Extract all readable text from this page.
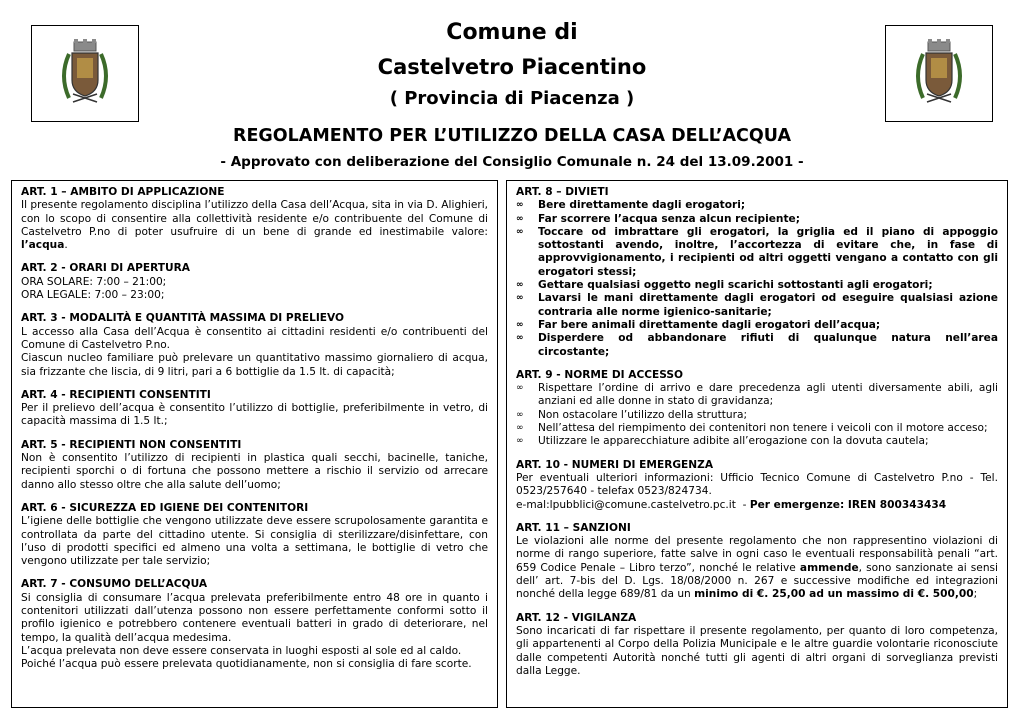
Comune di
Castelvetro Piacentino
( Provincia di Piacenza )
REGOLAMENTO PER L’UTILIZZO DELLA CASA DELL’ACQUA
- Approvato con deliberazione del Consiglio Comunale n. 24 del 13.09.2001 -
ART. 1 – AMBITO DI APPLICAZIONE

Il presente regolamento disciplina l’utilizzo della Casa dell’Acqua, sita in via D. Alighieri, con lo scopo di consentire alla collettività residente e/o contribuente del Comune di Castelvetro P.no di poter usufruire di un bene di grande ed inestimabile valore: l’acqua.

ART. 2 - ORARI DI APERTURA

ORA SOLARE: 7:00 – 21:00;

ORA LEGALE: 7:00 – 23:00;

ART. 3 - MODALITÀ E QUANTITÀ MASSIMA DI PRELIEVO

L accesso alla Casa dell’Acqua è consentito ai cittadini residenti e/o contribuenti del Comune di Castelvetro P.no.

Ciascun nucleo familiare può prelevare un quantitativo massimo giornaliero di acqua, sia frizzante che liscia, di 9 litri, pari a 6 bottiglie da 1.5 lt. di capacità;

ART. 4 - RECIPIENTI CONSENTITI

Per il prelievo dell’acqua è consentito l’utilizzo di bottiglie, preferibilmente in vetro, di capacità massima di 1.5 lt.;

ART. 5 - RECIPIENTI NON CONSENTITI

Non è consentito l’utilizzo di recipienti in plastica quali secchi, bacinelle, taniche, recipienti sporchi o di fortuna che possono mettere a rischio il servizio od arrecare danno allo stesso oltre che alla salute dell’uomo;

ART. 6 - SICUREZZA ED IGIENE DEI CONTENITORI

L’igiene delle bottiglie che vengono utilizzate deve essere scrupolosamente garantita e controllata da parte del cittadino utente. Si consiglia di sterilizzare/disinfettare, con l’uso di prodotti specifici ed almeno una volta a settimana, le bottiglie di vetro che vengono utilizzate per tale servizio;

ART. 7 - CONSUMO DELL’ACQUA

Si consiglia di consumare l’acqua prelevata preferibilmente entro 48 ore in quanto i contenitori utilizzati dall’utenza possono non essere perfettamente conformi sotto il profilo igienico e potrebbero contenere eventuali batteri in grado di deteriorare, nel tempo, la qualità dell’acqua medesima.

L’acqua prelevata non deve essere conservata in luoghi esposti al sole ed al caldo.

Poiché l’acqua può essere prelevata quotidianamente, non si consiglia di fare scorte.

ART. 8 – DIVIETI
∞ Bere direttamente dagli erogatori;
∞ Far scorrere l’acqua senza alcun recipiente;
∞ Toccare od imbrattare gli erogatori, la griglia ed il piano di appoggio sottostanti avendo, inoltre, l’accortezza di evitare che, in fase di approvvigionamento, i recipienti od altri oggetti vengano a contatto con gli erogatori stessi;
∞ Gettare qualsiasi oggetto negli scarichi sottostanti agli erogatori;
∞ Lavarsi le mani direttamente dagli erogatori od eseguire qualsiasi azione contraria alle norme igienico-sanitarie;
∞ Far bere animali direttamente dagli erogatori dell’acqua;
∞ Disperdere od abbandonare rifiuti di qualunque natura nell’area circostante;
ART. 9 - NORME DI ACCESSO
∞ Rispettare l’ordine di arrivo e dare precedenza agli utenti diversamente abili, agli anziani ed alle donne in stato di gravidanza;
∞ Non ostacolare l’utilizzo della struttura;
∞ Nell’attesa del riempimento dei contenitori non tenere i veicoli con il motore acceso;
∞ Utilizzare le apparecchiature adibite all’erogazione con la dovuta cautela;
ART. 10 - NUMERI DI EMERGENZA

Per eventuali ulteriori informazioni: Ufficio Tecnico Comune di Castelvetro P.no - Tel. 0523/257640 - telefax 0523/824734.

e-mal:lpubblici@comune.castelvetro.pc.it  - Per emergenze: IREN 800343434

ART. 11 – SANZIONI

Le violazioni alle norme del presente regolamento che non rappresentino violazioni di norme di rango superiore, fatte salve in ogni caso le eventuali responsabilità penali “art. 659 Codice Penale – Libro terzo”, nonché le relative ammende, sono sanzionate ai sensi dell’ art. 7-bis del D. Lgs. 18/08/2000 n. 267 e successive modifiche ed integrazioni nonché della legge 689/81 da un minimo di €. 25,00 ad un massimo di €. 500,00;

ART. 12 - VIGILANZA

Sono incaricati di far rispettare il presente regolamento, per quanto di loro competenza, gli appartenenti al Corpo della Polizia Municipale e le altre guardie volontarie riconosciute dalle competenti Autorità nonché tutti gli agenti di altri organi di sorveglianza previsti dalla Legge.
